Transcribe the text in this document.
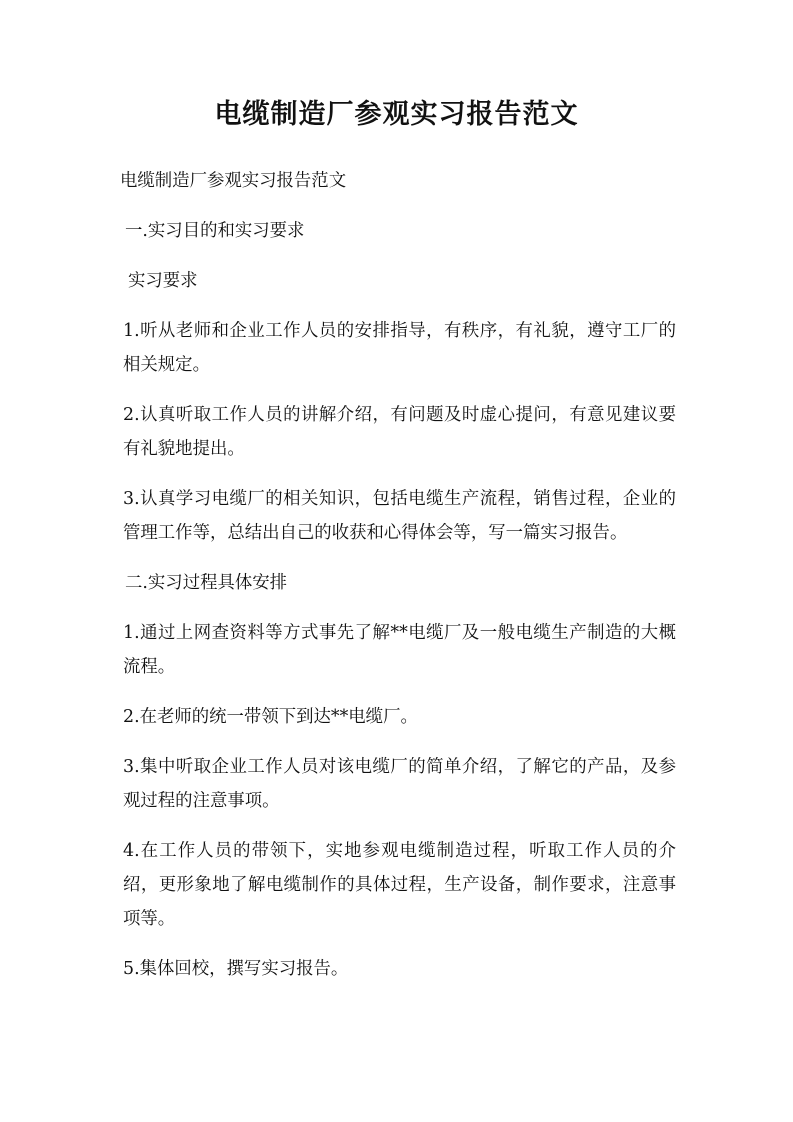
电缆制造厂参观实习报告范文

电缆制造厂参观实习报告范文

一.实习目的和实习要求

实习要求

1.听从老师和企业工作人员的安排指导，有秩序，有礼貌，遵守工厂的相关规定。

2.认真听取工作人员的讲解介绍，有问题及时虚心提问，有意见建议要有礼貌地提出。

3.认真学习电缆厂的相关知识，包括电缆生产流程，销售过程，企业的管理工作等，总结出自己的收获和心得体会等，写一篇实习报告。

二.实习过程具体安排

1.通过上网查资料等方式事先了解**电缆厂及一般电缆生产制造的大概流程。

2.在老师的统一带领下到达**电缆厂。

3.集中听取企业工作人员对该电缆厂的简单介绍，了解它的产品，及参观过程的注意事项。

4.在工作人员的带领下，实地参观电缆制造过程，听取工作人员的介绍，更形象地了解电缆制作的具体过程，生产设备，制作要求，注意事项等。

5.集体回校，撰写实习报告。
